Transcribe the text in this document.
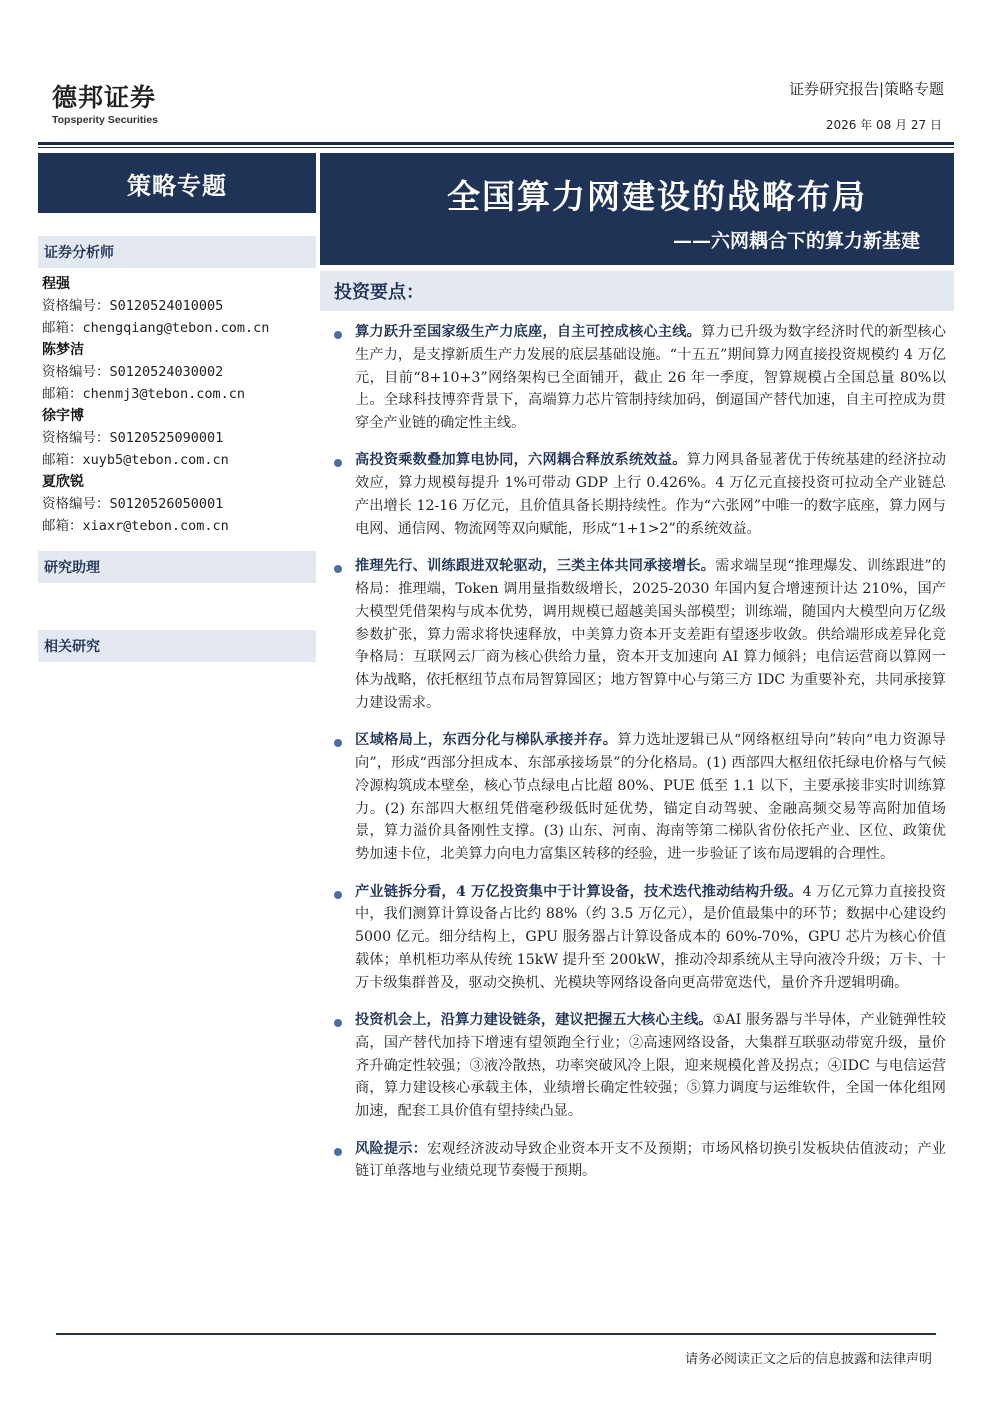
德邦证券
Topsperity Securities
证券研究报告|策略专题
2026 年 08 月 27 日
策略专题
证券分析师
程强
资格编号：S0120524010005
邮箱：chengqiang@tebon.com.cn
陈梦洁
资格编号：S0120524030002
邮箱：chenmj3@tebon.com.cn
徐宇博
资格编号：S0120525090001
邮箱：xuyb5@tebon.com.cn
夏欣锐
资格编号：S0120526050001
邮箱：xiaxr@tebon.com.cn
研究助理
相关研究
全国算力网建设的战略布局
——六网耦合下的算力新基建
投资要点：
算力跃升至国家级生产力底座，自主可控成核心主线。算力已升级为数字经济时代的新型核心生产力，是支撑新质生产力发展的底层基础设施。“十五五”期间算力网直接投资规模约 4 万亿元，目前“8+10+3”网络架构已全面铺开，截止 26 年一季度，智算规模占全国总量 80%以上。全球科技博弈背景下，高端算力芯片管制持续加码，倒逼国产替代加速，自主可控成为贯穿全产业链的确定性主线。
高投资乘数叠加算电协同，六网耦合释放系统效益。算力网具备显著优于传统基建的经济拉动效应，算力规模每提升 1%可带动 GDP 上行 0.426%。4 万亿元直接投资可拉动全产业链总产出增长 12-16 万亿元，且价值具备长期持续性。作为“六张网”中唯一的数字底座，算力网与电网、通信网、物流网等双向赋能，形成“1+1>2”的系统效益。
推理先行、训练跟进双轮驱动，三类主体共同承接增长。需求端呈现“推理爆发、训练跟进”的格局：推理端，Token 调用量指数级增长，2025-2030 年国内复合增速预计达 210%，国产大模型凭借架构与成本优势，调用规模已超越美国头部模型；训练端，随国内大模型向万亿级参数扩张，算力需求将快速释放，中美算力资本开支差距有望逐步收敛。供给端形成差异化竞争格局：互联网云厂商为核心供给力量，资本开支加速向 AI 算力倾斜；电信运营商以算网一体为战略，依托枢纽节点布局智算园区；地方智算中心与第三方 IDC 为重要补充，共同承接算力建设需求。
区域格局上，东西分化与梯队承接并存。算力选址逻辑已从“网络枢纽导向”转向“电力资源导向”，形成“西部分担成本、东部承接场景”的分化格局。(1) 西部四大枢纽依托绿电价格与气候冷源构筑成本壁垒，核心节点绿电占比超 80%、PUE 低至 1.1 以下，主要承接非实时训练算力。(2) 东部四大枢纽凭借毫秒级低时延优势，锚定自动驾驶、金融高频交易等高附加值场景，算力溢价具备刚性支撑。(3) 山东、河南、海南等第二梯队省份依托产业、区位、政策优势加速卡位，北美算力向电力富集区转移的经验，进一步验证了该布局逻辑的合理性。
产业链拆分看，4 万亿投资集中于计算设备，技术迭代推动结构升级。4 万亿元算力直接投资中，我们测算计算设备占比约 88%（约 3.5 万亿元），是价值最集中的环节；数据中心建设约 5000 亿元。细分结构上，GPU 服务器占计算设备成本的 60%-70%，GPU 芯片为核心价值载体；单机柜功率从传统 15kW 提升至 200kW，推动冷却系统从主导向液冷升级；万卡、十万卡级集群普及，驱动交换机、光模块等网络设备向更高带宽迭代，量价齐升逻辑明确。
投资机会上，沿算力建设链条，建议把握五大核心主线。①AI 服务器与半导体，产业链弹性较高，国产替代加持下增速有望领跑全行业；②高速网络设备，大集群互联驱动带宽升级，量价齐升确定性较强；③液冷散热，功率突破风冷上限，迎来规模化普及拐点；④IDC 与电信运营商，算力建设核心承载主体，业绩增长确定性较强；⑤算力调度与运维软件，全国一体化组网加速，配套工具价值有望持续凸显。
风险提示：宏观经济波动导致企业资本开支不及预期；市场风格切换引发板块估值波动；产业链订单落地与业绩兑现节奏慢于预期。
请务必阅读正文之后的信息披露和法律声明
